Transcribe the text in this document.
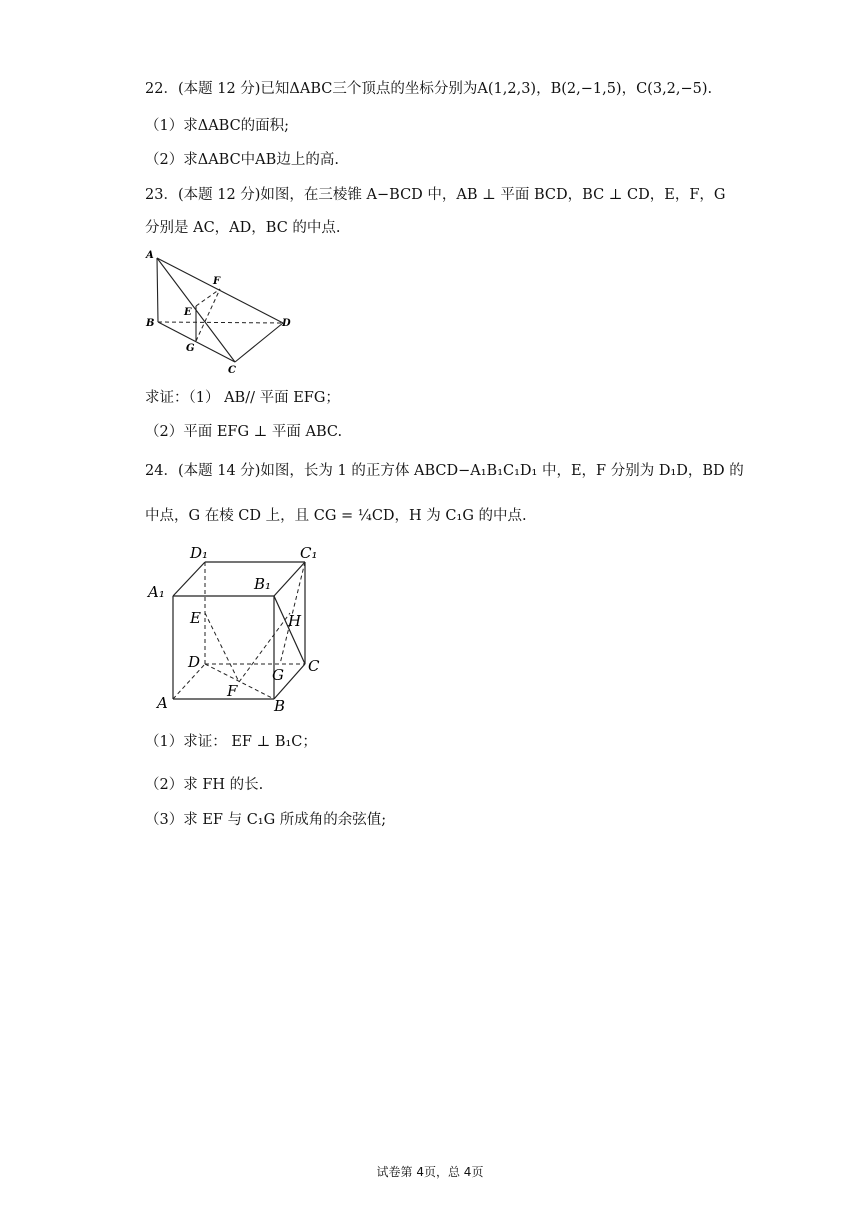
22．(本题 12 分)已知ΔABC三个顶点的坐标分别为A(1,2,3)，B(2,−1,5)，C(3,2,−5).
（1）求ΔABC的面积;
（2）求ΔABC中AB边上的高.
23．(本题 12 分)如图，在三棱锥 A−BCD 中，AB ⊥ 平面 BCD，BC ⊥ CD，E，F，G
分别是 AC，AD，BC 的中点.
A
B
C
D
E
F
G
求证：（1） AB// 平面 EFG；
（2）平面 EFG ⊥ 平面 ABC.
24．(本题 14 分)如图，长为 1 的正方体 ABCD−A₁B₁C₁D₁ 中，E，F 分别为 D₁D，BD 的
中点，G 在棱 CD 上，且 CG = ¼CD，H 为 C₁G 的中点.
D₁	C₁
A₁	B₁
E	H
D	C
G
F
A	B
（1）求证： EF ⊥ B₁C；
（2）求 FH 的长.
（3）求 EF 与 C₁G 所成角的余弦值;
试卷第 4页，总 4页
